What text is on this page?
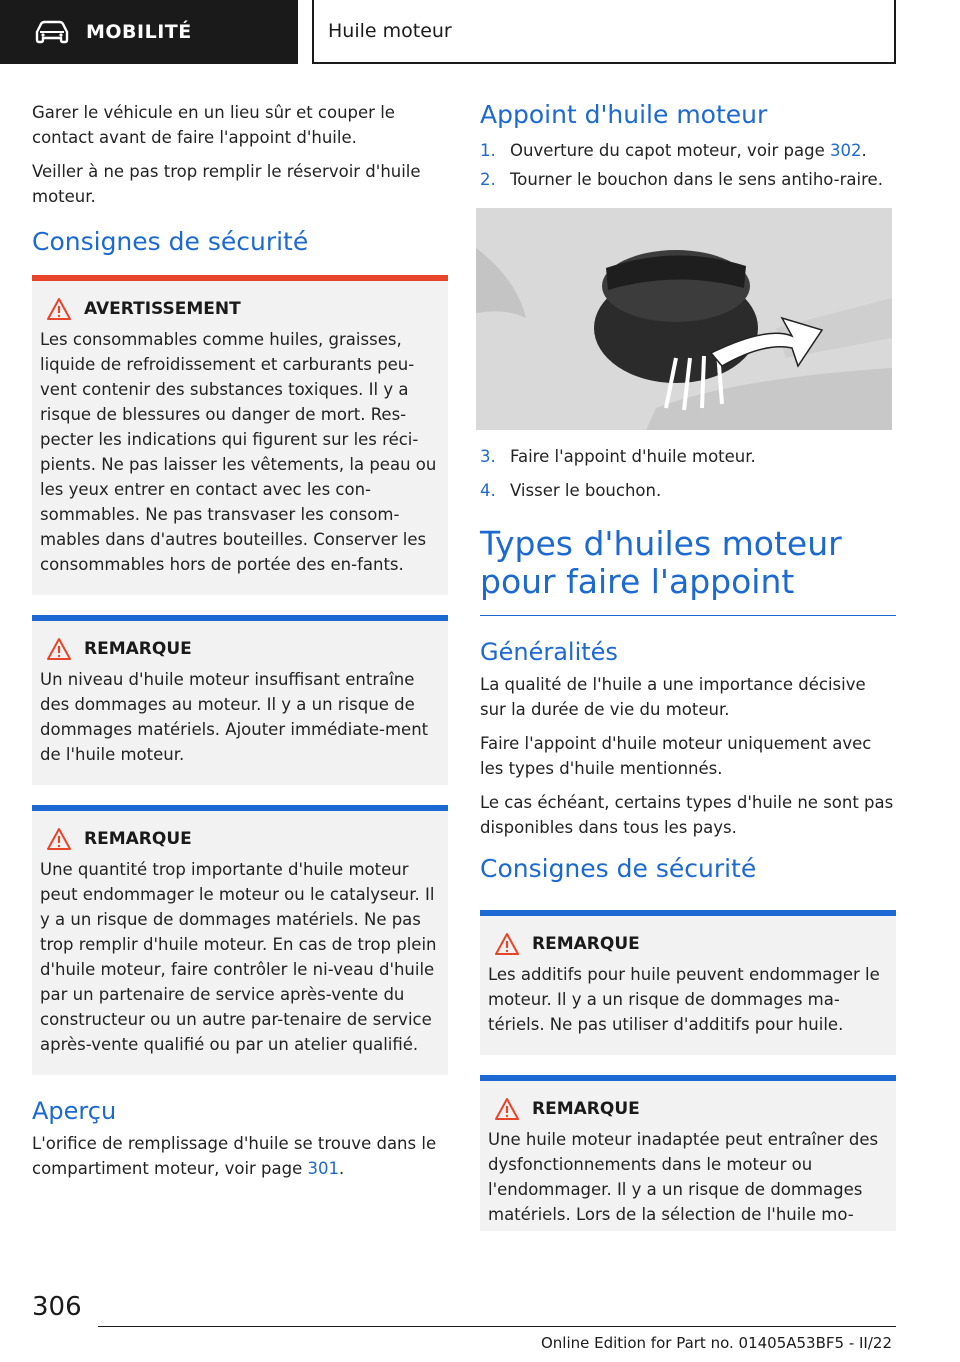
MOBILITÉ	Huile moteur

Garer le véhicule en un lieu sûr et couper le contact avant de faire l'appoint d'huile.

Veiller à ne pas trop remplir le réservoir d'huile moteur.

Consignes de sécurité
AVERTISSEMENT

Les consommables comme huiles, graisses, liquide de refroidissement et carburants peu-vent contenir des substances toxiques. Il y a risque de blessures ou danger de mort. Res-pecter les indications qui figurent sur les réci-pients. Ne pas laisser les vêtements, la peau ou les yeux entrer en contact avec les con-sommables. Ne pas transvaser les consom-mables dans d'autres bouteilles. Conserver les consommables hors de portée des en-fants.

REMARQUE

Un niveau d'huile moteur insuffisant entraîne des dommages au moteur. Il y a un risque de dommages matériels. Ajouter immédiate-ment de l'huile moteur.

REMARQUE

Une quantité trop importante d'huile moteur peut endommager le moteur ou le catalyseur. Il y a un risque de dommages matériels. Ne pas trop remplir d'huile moteur. En cas de trop plein d'huile moteur, faire contrôler le ni-veau d'huile par un partenaire de service après-vente du constructeur ou un autre par-tenaire de service après-vente qualifié ou par un atelier qualifié.

Aperçu

L'orifice de remplissage d'huile se trouve dans le compartiment moteur, voir page 301.

Appoint d'huile moteur
1. Ouverture du capot moteur, voir page 302.
2. Tourner le bouchon dans le sens antiho-raire.
3. Faire l'appoint d'huile moteur.
4. Visser le bouchon.
Types d'huiles moteur pour faire l'appoint
Généralités

La qualité de l'huile a une importance décisive sur la durée de vie du moteur.

Faire l'appoint d'huile moteur uniquement avec les types d'huile mentionnés.

Le cas échéant, certains types d'huile ne sont pas disponibles dans tous les pays.

Consignes de sécurité
REMARQUE

Les additifs pour huile peuvent endommager le moteur. Il y a un risque de dommages ma-tériels. Ne pas utiliser d'additifs pour huile.

REMARQUE

Une huile moteur inadaptée peut entraîner des dysfonctionnements dans le moteur ou l'endommager. Il y a un risque de dommages matériels. Lors de la sélection de l'huile mo-

306
Online Edition for Part no. 01405A53BF5 - II/22
